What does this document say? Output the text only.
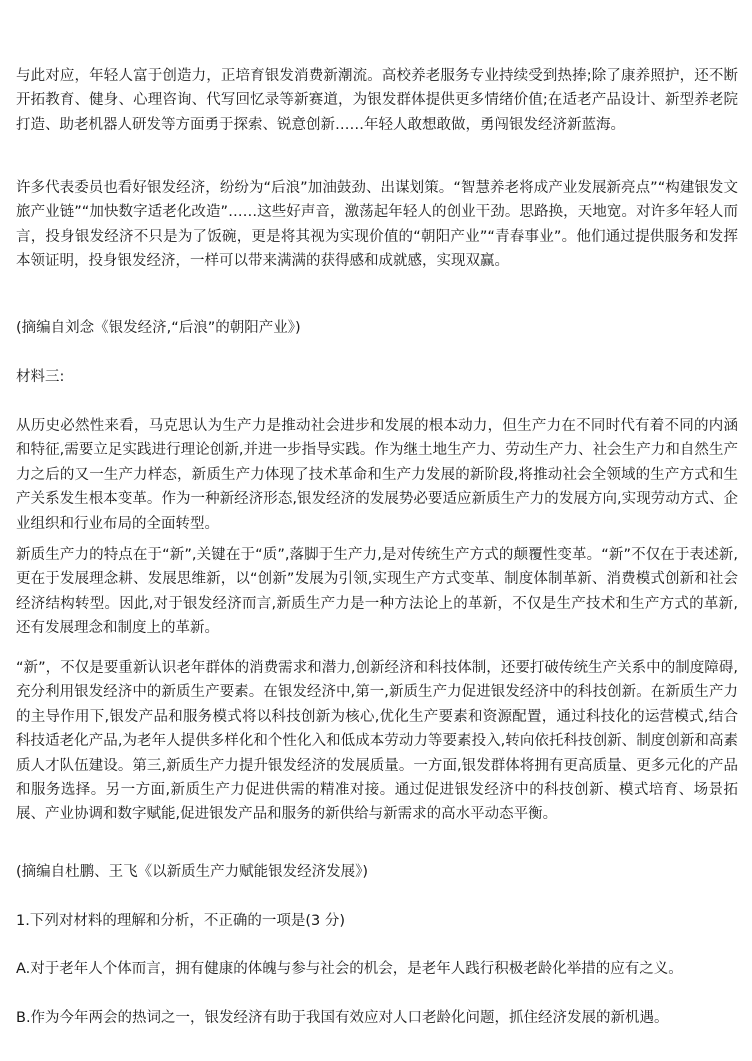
与此对应，年轻人富于创造力，正培育银发消费新潮流。高校养老服务专业持续受到热捧;除了康养照护，还不断开拓教育、健身、心理咨询、代写回忆录等新赛道，为银发群体提供更多情绪价值;在适老产品设计、新型养老院打造、助老机器人研发等方面勇于探索、锐意创新……年轻人敢想敢做，勇闯银发经济新蓝海。

许多代表委员也看好银发经济，纷纷为“后浪”加油鼓劲、出谋划策。“智慧养老将成产业发展新亮点”“构建银发文旅产业链”“加快数字适老化改造”……这些好声音，激荡起年轻人的创业干劲。思路换，天地宽。对许多年轻人而言，投身银发经济不只是为了饭碗，更是将其视为实现价值的“朝阳产业”“青春事业”。他们通过提供服务和发挥本领证明，投身银发经济，一样可以带来满满的获得感和成就感，实现双赢。

(摘编自刘念《银发经济,“后浪”的朝阳产业》)

材料三:

从历史必然性来看，马克思认为生产力是推动社会进步和发展的根本动力，但生产力在不同时代有着不同的内涵和特征,需要立足实践进行理论创新,并进一步指导实践。作为继土地生产力、劳动生产力、社会生产力和自然生产力之后的又一生产力样态，新质生产力体现了技术革命和生产力发展的新阶段,将推动社会全领域的生产方式和生产关系发生根本变革。作为一种新经济形态,银发经济的发展势必要适应新质生产力的发展方向,实现劳动方式、企业组织和行业布局的全面转型。

新质生产力的特点在于“新”,关键在于“质”,落脚于生产力,是对传统生产方式的颠覆性变革。“新”不仅在于表述新,更在于发展理念耕、发展思维新，以“创新”发展为引领,实现生产方式变革、制度体制革新、消费模式创新和社会经济结构转型。因此,对于银发经济而言,新质生产力是一种方法论上的革新，不仅是生产技术和生产方式的革新,还有发展理念和制度上的革新。

“新”，不仅是要重新认识老年群体的消费需求和潜力,创新经济和科技体制，还要打破传统生产关系中的制度障碍,充分利用银发经济中的新质生产要素。在银发经济中,第一,新质生产力促进银发经济中的科技创新。在新质生产力的主导作用下,银发产品和服务模式将以科技创新为核心,优化生产要素和资源配置，通过科技化的运营模式,结合科技适老化产品,为老年人提供多样化和个性化入和低成本劳动力等要素投入,转向依托科技创新、制度创新和高素质人才队伍建设。第三,新质生产力提升银发经济的发展质量。一方面,银发群体将拥有更高质量、更多元化的产品和服务选择。另一方面,新质生产力促进供需的精准对接。通过促进银发经济中的科技创新、模式培育、场景拓展、产业协调和数字赋能,促进银发产品和服务的新供给与新需求的高水平动态平衡。

(摘编自杜鹏、王飞《以新质生产力赋能银发经济发展》)

1.下列对材料的理解和分析，不正确的一项是(3 分)

A.对于老年人个体而言，拥有健康的体魄与参与社会的机会，是老年人践行积极老龄化举措的应有之义。

B.作为今年两会的热词之一，银发经济有助于我国有效应对人口老龄化问题，抓住经济发展的新机遇。
